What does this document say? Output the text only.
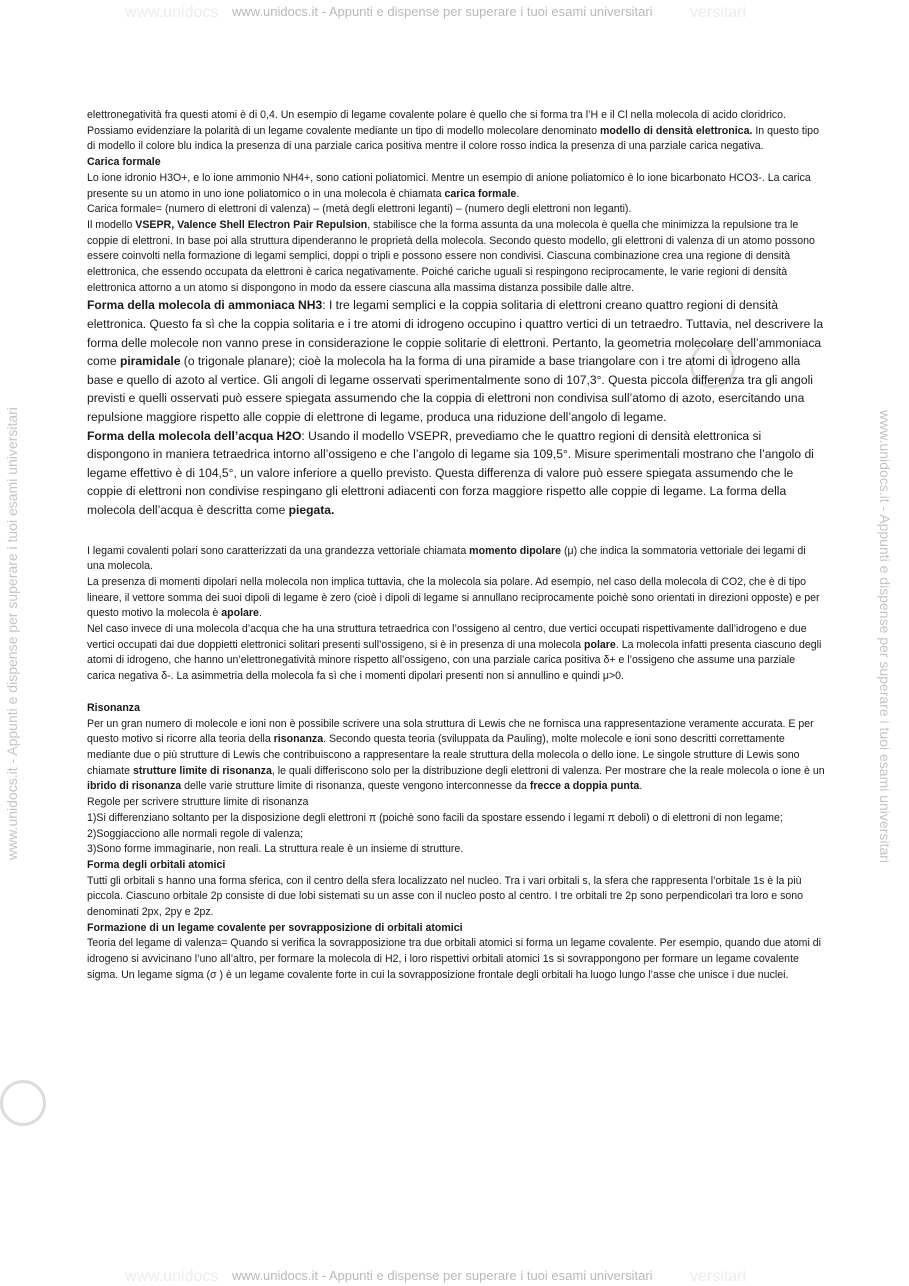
www.unidocs	versitari
www.unidocs.it - Appunti e dispense per superare i tuoi esami universitari
www.unidocs.it - Appunti e dispense per superare i tuoi esami universitari	www.unidocs.it - Appunti e dispense per superare i tuoi esami universitari
www.unidocs	versitari
www.unidocs.it - Appunti e dispense per superare i tuoi esami universitari

elettronegatività fra questi atomi è di 0,4. Un esempio di legame covalente polare è quello che si forma tra l’H e il Cl nella molecola di acido cloridrico.

Possiamo evidenziare la polarità di un legame covalente mediante un tipo di modello molecolare denominato modello di densità elettronica. In questo tipo di modello il colore blu indica la presenza di una parziale carica positiva mentre il colore rosso indica la presenza di una parziale carica negativa.

Carica formale

Lo ione idronio H3O+, e lo ione ammonio NH4+, sono cationi poliatomici. Mentre un esempio di anione poliatomico è lo ione bicarbonato HCO3-. La carica presente su un atomo in uno ione poliatomico o in una molecola è chiamata carica formale.

Carica formale= (numero di elettroni di valenza) – (metà degli elettroni leganti) – (numero degli elettroni non leganti).

Il modello VSEPR, Valence Shell Electron Pair Repulsion, stabilisce che la forma assunta da una molecola è quella che minimizza la repulsione tra le coppie di elettroni. In base poi alla struttura dipenderanno le proprietà della molecola. Secondo questo modello, gli elettroni di valenza di un atomo possono essere coinvolti nella formazione di legami semplici, doppi o tripli e possono essere non condivisi. Ciascuna combinazione crea una regione di densità elettronica, che essendo occupata da elettroni è carica negativamente. Poiché cariche uguali si respingono reciprocamente, le varie regioni di densità elettronica attorno a un atomo si dispongono in modo da essere ciascuna alla massima distanza possibile dalle altre.

Forma della molecola di ammoniaca NH3: I tre legami semplici e la coppia solitaria di elettroni creano quattro regioni di densità elettronica. Questo fa sì che la coppia solitaria e i tre atomi di idrogeno occupino i quattro vertici di un tetraedro. Tuttavia, nel descrivere la forma delle molecole non vanno prese in considerazione le coppie solitarie di elettroni. Pertanto, la geometria molecolare dell’ammoniaca come piramidale (o trigonale planare); cioè la molecola ha la forma di una piramide a base triangolare con i tre atomi di idrogeno alla base e quello di azoto al vertice. Gli angoli di legame osservati sperimentalmente sono di 107,3°. Questa piccola differenza tra gli angoli previsti e quelli osservati può essere spiegata assumendo che la coppia di elettroni non condivisa sull’atomo di azoto, esercitando una repulsione maggiore rispetto alle coppie di elettrone di legame, produca una riduzione dell’angolo di legame.

Forma della molecola dell’acqua H2O: Usando il modello VSEPR, prevediamo che le quattro regioni di densità elettronica si dispongono in maniera tetraedrica intorno all’ossigeno e che l’angolo di legame sia 109,5°. Misure sperimentali mostrano che l’angolo di legame effettivo è di 104,5°, un valore inferiore a quello previsto. Questa differenza di valore può essere spiegata assumendo che le coppie di elettroni non condivise respingano gli elettroni adiacenti con forza maggiore rispetto alle coppie di legame. La forma della molecola dell’acqua è descritta come piegata.

I legami covalenti polari sono caratterizzati da una grandezza vettoriale chiamata momento dipolare (μ) che indica la sommatoria vettoriale dei legami di una molecola.

La presenza di momenti dipolari nella molecola non implica tuttavia, che la molecola sia polare. Ad esempio, nel caso della molecola di CO2, che è di tipo lineare, il vettore somma dei suoi dipoli di legame è zero (cioè i dipoli di legame si annullano reciprocamente poichè sono orientati in direzioni opposte) e per questo motivo la molecola è apolare.

Nel caso invece di una molecola d’acqua che ha una struttura tetraedrica con l’ossigeno al centro, due vertici occupati rispettivamente dall’idrogeno e due vertici occupati dai due doppietti elettronici solitari presenti sull’ossigeno, si è in presenza di una molecola polare. La molecola infatti presenta ciascuno degli atomi di idrogeno, che hanno un’elettronegatività minore rispetto all’ossigeno, con una parziale carica positiva δ+ e l’ossigeno che assume una parziale carica negativa δ-. La asimmetria della molecola fa sì che i momenti dipolari presenti non si annullino e quindi μ>0.

Risonanza

Per un gran numero di molecole e ioni non è possibile scrivere una sola struttura di Lewis che ne fornisca una rappresentazione veramente accurata. E per questo motivo si ricorre alla teoria della risonanza. Secondo questa teoria (sviluppata da Pauling), molte molecole e ioni sono descritti correttamente mediante due o più strutture di Lewis che contribuiscono a rappresentare la reale struttura della molecola o dello ione. Le singole strutture di Lewis sono chiamate strutture limite di risonanza, le quali differiscono solo per la distribuzione degli elettroni di valenza. Per mostrare che la reale molecola o ione è un ibrido di risonanza delle varie strutture limite di risonanza, queste vengono interconnesse da frecce a doppia punta.

Regole per scrivere strutture limite di risonanza

1)Si differenziano soltanto per la disposizione degli elettroni π (poichè sono facili da spostare essendo i legami π deboli) o di elettroni di non legame;

2)Soggiacciono alle normali regole di valenza;

3)Sono forme immaginarie, non reali. La struttura reale è un insieme di strutture.

Forma degli orbitali atomici

Tutti gli orbitali s hanno una forma sferica, con il centro della sfera localizzato nel nucleo. Tra i vari orbitali s, la sfera che rappresenta l’orbitale 1s è la più piccola. Ciascuno orbitale 2p consiste di due lobi sistemati su un asse con il nucleo posto al centro. I tre orbitali tre 2p sono perpendicolari tra loro e sono denominati 2px, 2py e 2pz.

Formazione di un legame covalente per sovrapposizione di orbitali atomici

Teoria del legame di valenza= Quando si verifica la sovrapposizione tra due orbitali atomici si forma un legame covalente. Per esempio, quando due atomi di idrogeno si avvicinano l’uno all’altro, per formare la molecola di H2, i loro rispettivi orbitali atomici 1s si sovrappongono per formare un legame covalente sigma. Un legame sigma (σ ) è un legame covalente forte in cui la sovrapposizione frontale degli orbitali ha luogo lungo l’asse che unisce i due nuclei.
